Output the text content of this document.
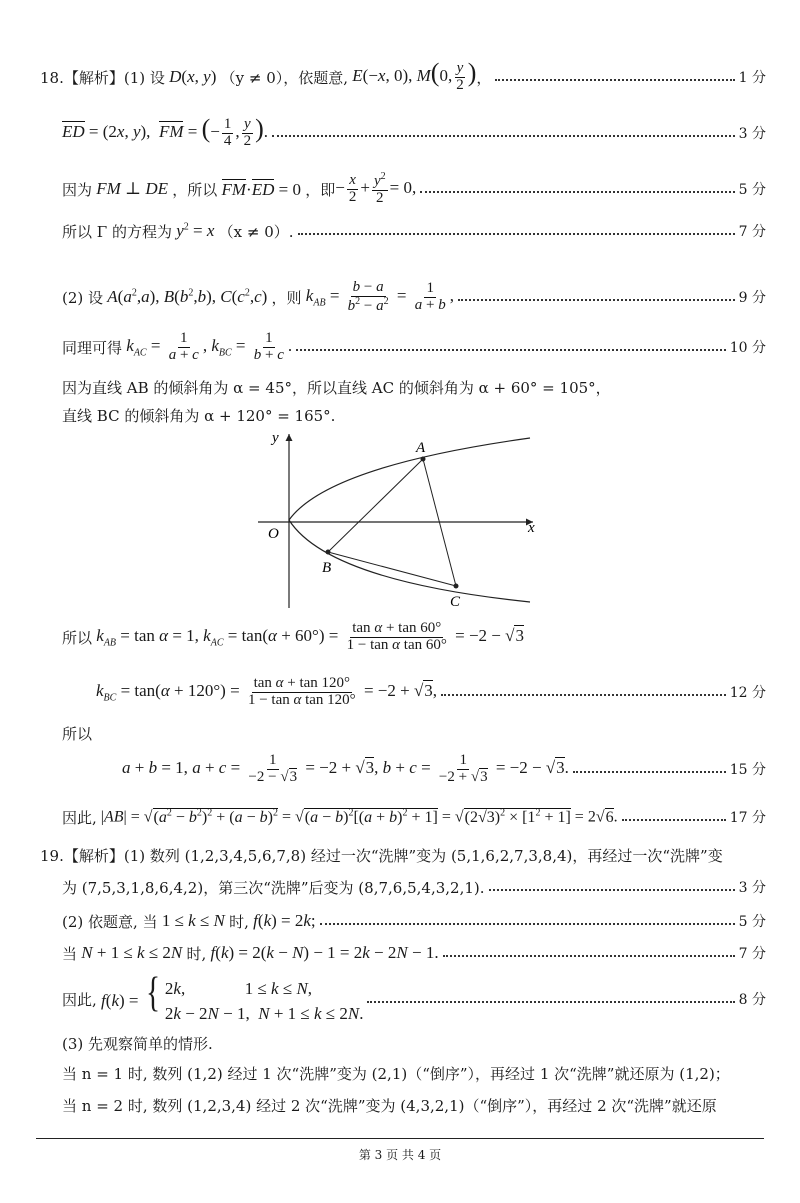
18.【解析】 (1) 设 D(x, y) （y ≠ 0），依题意, E(−x, 0), M(0, $\frac{y}{2}$ ) ，	1 分
ED = (2x, y),  FM = (− $\frac{1}{4}$ , $\frac{y}{2}$ ).	3 分
因为 FM ⊥ DE ，所以 FM·ED = 0 ，即 − $\frac{x}{2} + \frac{y^2}{2} = 0$,	5 分
所以 Γ 的方程为 $y^2 = x$ （x ≠ 0）.	7 分
(2) 设 $A(a^2,a)$, $B(b^2,b)$, $C(c^2,c)$ ，则 $k_{AB} = \frac{b - a}{b^2 - a^2} = \frac{1}{a + b}$ ,	9 分
同理可得 $k_{AC} = \frac{1}{a + c}$ , $k_{BC} = \frac{1}{b + c}$ .	10 分
因为直线 AB 的倾斜角为 α = 45°，所以直线 AC 的倾斜角为 α + 60° = 105°，
直线 BC 的倾斜角为 α + 120° = 165°.
y
x
O
A
B
C
所以 $k_{AB} = \tan \alpha = 1$, $k_{AC} = \tan(\alpha + 60^\circ) = \frac{\text{tan α + tan 60°}}{\text{1 − tan α tan 60°}} = -2 - √3$
$k_{BC} = \tan(\alpha + 120^\circ) = \frac{\text{tan α + tan 120°}}{\text{1 − tan α tan 120°}} = -2 + √3$,	12 分
所以
a + b = 1, $a + c = \frac{1}{-2 - √3} = -2 + √3$, $b + c = \frac{1}{-2 + √3} = -2 - √3$.	15 分
因此, $|AB| = √(a^2 - b^2)^2 + (a - b)^2 = √(a - b)^2[(a + b)^2 + 1] = √(2√3)^2 \times [1^2 + 1] = 2√6$.	17 分
19.【解析】 (1) 数列 (1,2,3,4,5,6,7,8) 经过一次“洗牌”变为 (5,1,6,2,7,3,8,4)，再经过一次“洗牌”变
为 (7,5,3,1,8,6,4,2)，第三次“洗牌”后变为 (8,7,6,5,4,3,2,1).	3 分
(2) 依题意, 当 1 ≤ k ≤ N 时, f(k) = 2k;	5 分
当 N + 1 ≤ k ≤ 2N 时, f(k) = 2(k − N) − 1 = 2k − 2N − 1.	7 分
因此, f(k) = { 2k,              1 ≤ k ≤ N,
2k − 2N − 1,  N + 1 ≤ k ≤ 2N.
8 分
(3) 先观察简单的情形.
当 n = 1 时, 数列 (1,2) 经过 1 次“洗牌”变为 (2,1)（“倒序”），再经过 1 次“洗牌”就还原为 (1,2)；
当 n = 2 时, 数列 (1,2,3,4) 经过 2 次“洗牌”变为 (4,3,2,1)（“倒序”），再经过 2 次“洗牌”就还原
第 3 页 共 4 页
